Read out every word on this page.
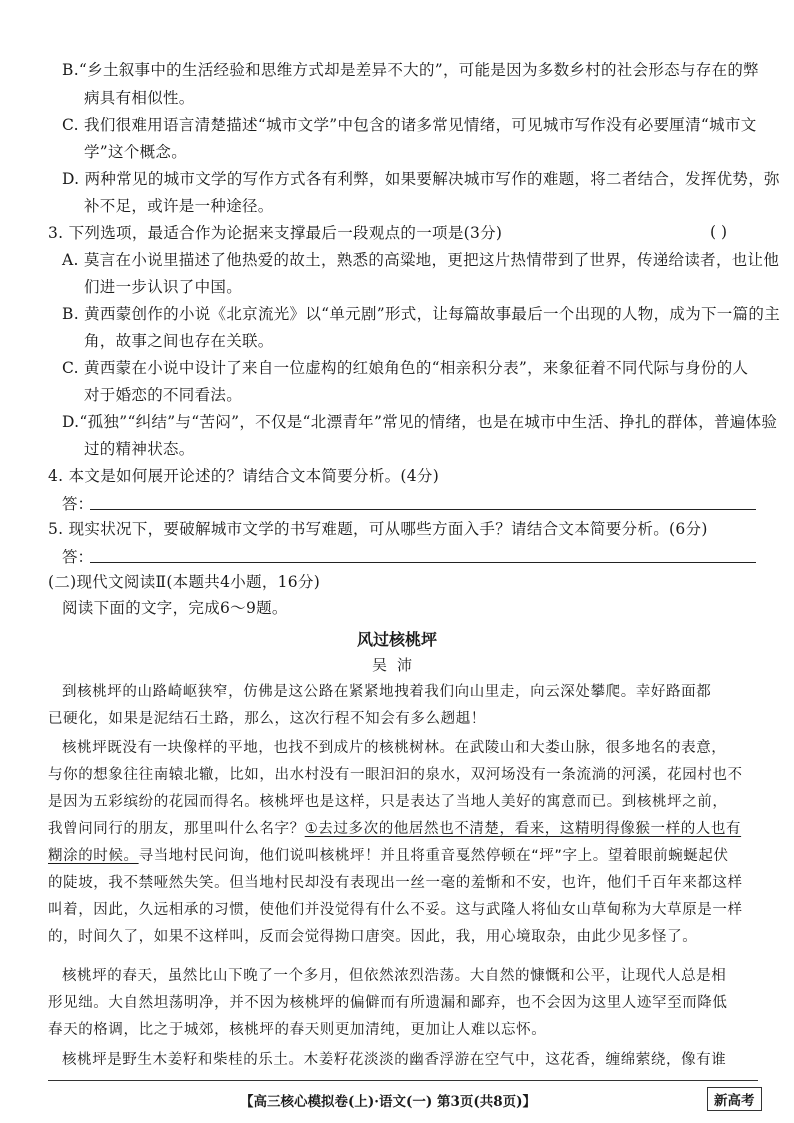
B.“乡土叙事中的生活经验和思维方式却是差异不大的”，可能是因为多数乡村的社会形态与存在的弊
病具有相似性。
C. 我们很难用语言清楚描述“城市文学”中包含的诸多常见情绪，可见城市写作没有必要厘清“城市文
学”这个概念。
D. 两种常见的城市文学的写作方式各有利弊，如果要解决城市写作的难题，将二者结合，发挥优势，弥
补不足，或许是一种途径。
3. 下列选项，最适合作为论据来支撑最后一段观点的一项是(3分)	( )
A. 莫言在小说里描述了他热爱的故土，熟悉的高粱地，更把这片热情带到了世界，传递给读者，也让他
们进一步认识了中国。
B. 黄西蒙创作的小说《北京流光》以“单元剧”形式，让每篇故事最后一个出现的人物，成为下一篇的主
角，故事之间也存在关联。
C. 黄西蒙在小说中设计了来自一位虚构的红娘角色的“相亲积分表”，来象征着不同代际与身份的人
对于婚恋的不同看法。
D.“孤独”“纠结”与“苦闷”，不仅是“北漂青年”常见的情绪，也是在城市中生活、挣扎的群体，普遍体验
过的精神状态。
4. 本文是如何展开论述的？请结合文本简要分析。(4分)
答：
5. 现实状况下，要破解城市文学的书写难题，可从哪些方面入手？请结合文本简要分析。(6分)
答：
(二)现代文阅读Ⅱ(本题共4小题，16分)
阅读下面的文字，完成6～9题。
风过核桃坪
吴沛
到核桃坪的山路崎岖狭窄，仿佛是这公路在紧紧地拽着我们向山里走，向云深处攀爬。幸好路面都
已硬化，如果是泥结石土路，那么，这次行程不知会有多么趔趄！
核桃坪既没有一块像样的平地，也找不到成片的核桃树林。在武陵山和大娄山脉，很多地名的表意，
与你的想象往往南辕北辙，比如，出水村没有一眼汩汩的泉水，双河场没有一条流淌的河溪，花园村也不
是因为五彩缤纷的花园而得名。核桃坪也是这样，只是表达了当地人美好的寓意而已。到核桃坪之前，
我曾问同行的朋友，那里叫什么名字？①去过多次的他居然也不清楚，看来，这精明得像猴一样的人也有
糊涂的时候。寻当地村民问询，他们说叫核桃坪！并且将重音戛然停顿在“坪”字上。望着眼前蜿蜒起伏
的陡坡，我不禁哑然失笑。但当地村民却没有表现出一丝一毫的羞惭和不安，也许，他们千百年来都这样
叫着，因此，久远相承的习惯，使他们并没觉得有什么不妥。这与武隆人将仙女山草甸称为大草原是一样
的，时间久了，如果不这样叫，反而会觉得拗口唐突。因此，我，用心境取杂，由此少见多怪了。
核桃坪的春天，虽然比山下晚了一个多月，但依然浓烈浩荡。大自然的慷慨和公平，让现代人总是相
形见绌。大自然坦荡明净，并不因为核桃坪的偏僻而有所遗漏和鄙弃，也不会因为这里人迹罕至而降低
春天的格调，比之于城郊，核桃坪的春天则更加清纯，更加让人难以忘怀。
核桃坪是野生木姜籽和柴桂的乐土。木姜籽花淡淡的幽香浮游在空气中，这花香，缠绵萦绕，像有谁
【高三核心模拟卷(上)·语文(一) 第3页(共8页)】	新高考
